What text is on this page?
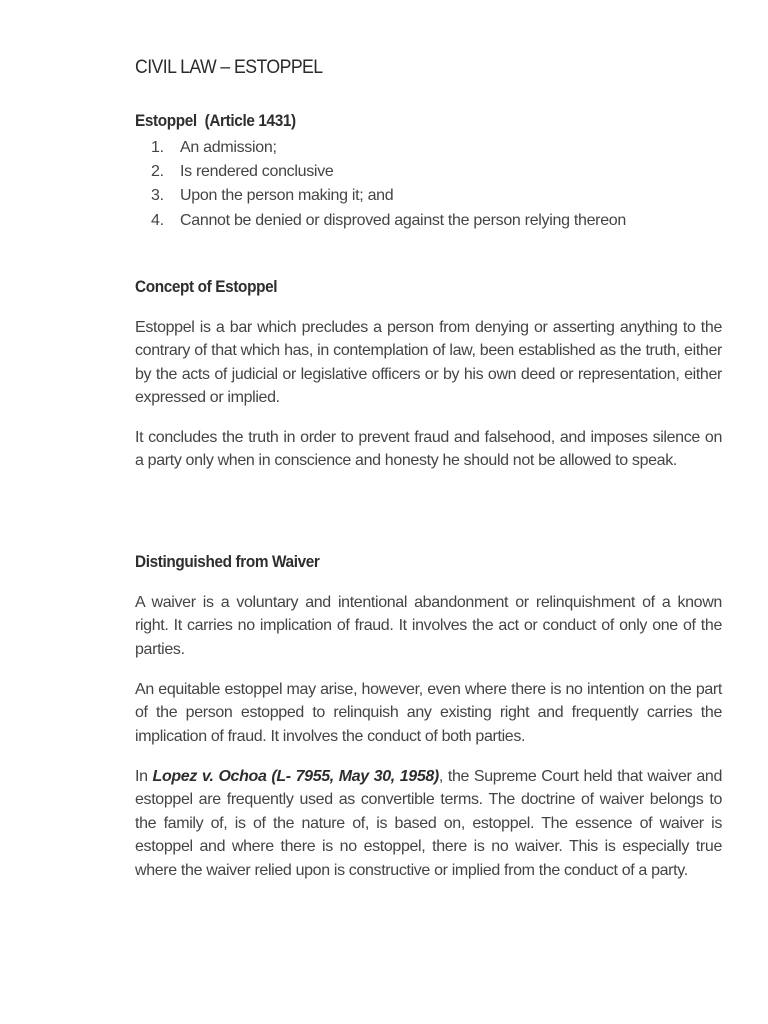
CIVIL LAW – ESTOPPEL
Estoppel  (Article 1431)
1. An admission;
2. Is rendered conclusive
3. Upon the person making it; and
4. Cannot be denied or disproved against the person relying thereon
Concept of Estoppel

Estoppel is a bar which precludes a person from denying or asserting anything to the contrary of that which has, in contemplation of law, been established as the truth, either by the acts of judicial or legislative officers or by his own deed or representation, either expressed or implied.

It concludes the truth in order to prevent fraud and falsehood, and imposes silence on a party only when in conscience and honesty he should not be allowed to speak.

Distinguished from Waiver

A waiver is a voluntary and intentional abandonment or relinquishment of a known right. It carries no implication of fraud. It involves the act or conduct of only one of the parties.

An equitable estoppel may arise, however, even where there is no intention on the part of the person estopped to relinquish any existing right and frequently carries the implication of fraud. It involves the conduct of both parties.

In Lopez v. Ochoa (L- 7955, May 30, 1958), the Supreme Court held that waiver and estoppel are frequently used as convertible terms. The doctrine of waiver belongs to the family of, is of the nature of, is based on, estoppel. The essence of waiver is estoppel and where there is no estoppel, there is no waiver. This is especially true where the waiver relied upon is constructive or implied from the conduct of a party.
